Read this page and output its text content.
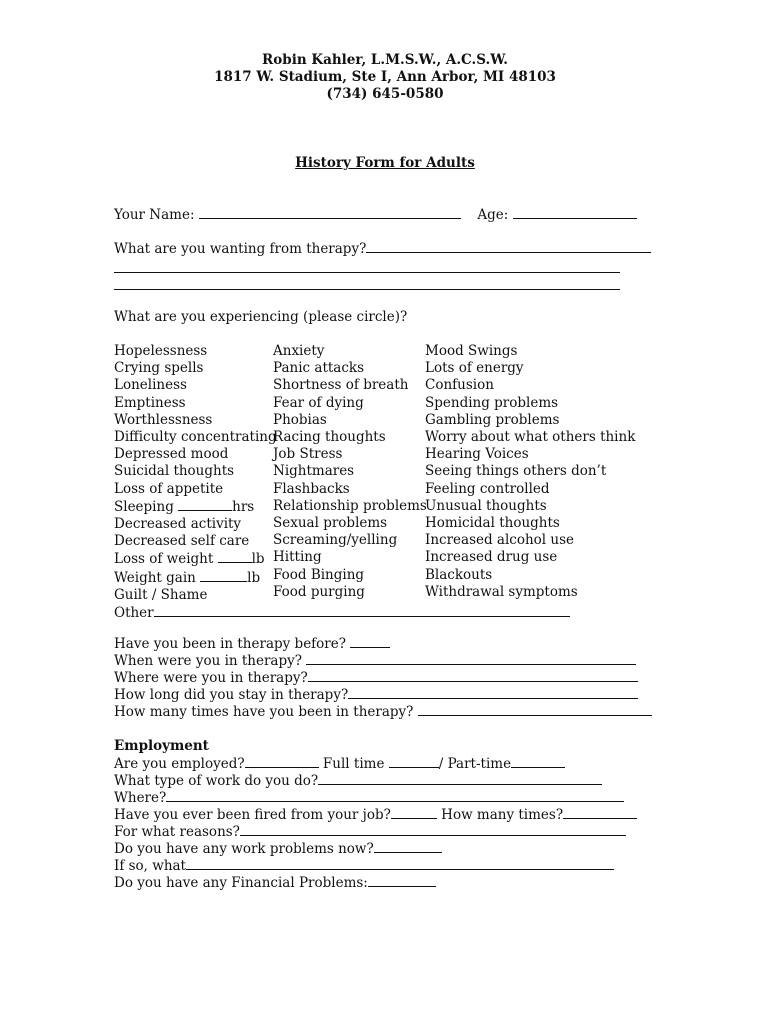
Robin Kahler, L.M.S.W., A.C.S.W.
1817 W. Stadium, Ste I, Ann Arbor, MI 48103
(734) 645-0580
History Form for Adults
Your Name:	Age:
What are you wanting from therapy?
What are you experiencing (please circle)?
Hopelessness
Crying spells
Loneliness
Emptiness
Worthlessness
Difficulty concentrating
Depressed mood
Suicidal thoughts
Loss of appetite
Sleeping	hrs
Decreased activity
Decreased self care
Loss of weight	lb
Weight gain	lb
Guilt / Shame
Other
Anxiety
Panic attacks
Shortness of breath
Fear of dying
Phobias
Racing thoughts
Job Stress
Nightmares
Flashbacks
Relationship problems
Sexual problems
Screaming/yelling
Hitting
Food Binging
Food purging
Mood Swings
Lots of energy
Confusion
Spending problems
Gambling problems
Worry about what others think
Hearing Voices
Seeing things others don’t
Feeling controlled
Unusual thoughts
Homicidal thoughts
Increased alcohol use
Increased drug use
Blackouts
Withdrawal symptoms
Have you been in therapy before?
When were you in therapy?
Where were you in therapy?
How long did you stay in therapy?
How many times have you been in therapy?
Employment
Are you employed?	Full time	/ Part-time
What type of work do you do?
Where?
Have you ever been fired from your job?	How many times?
For what reasons?
Do you have any work problems now?
If so, what
Do you have any Financial Problems:
